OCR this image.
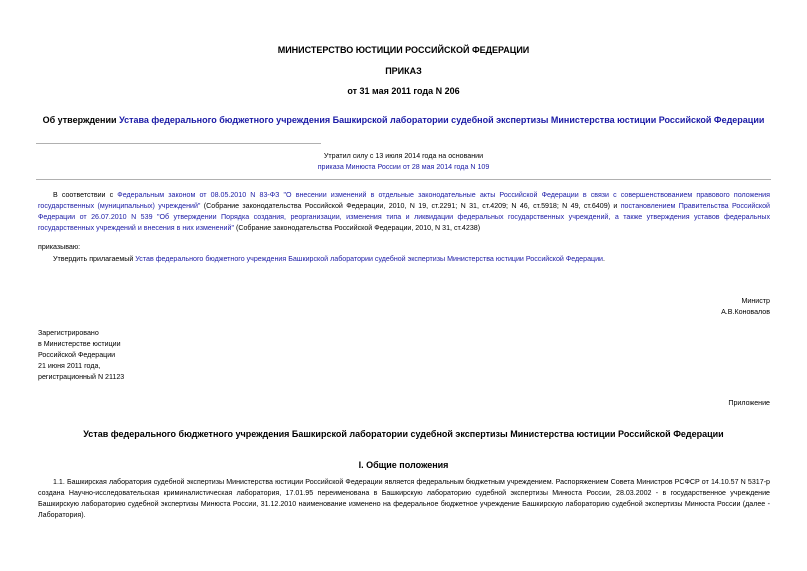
МИНИСТЕРСТВО ЮСТИЦИИ РОССИЙСКОЙ ФЕДЕРАЦИИ
ПРИКАЗ
от 31 мая 2011 года N 206
Об утверждении Устава федерального бюджетного учреждения Башкирской лаборатории судебной экспертизы Министерства юстиции Российской Федерации
Утратил силу с 13 июля 2014 года на основании
приказа Минюста России от 28 мая 2014 года N 109
В соответствии с Федеральным законом от 08.05.2010 N 83-ФЗ "О внесении изменений в отдельные законодательные акты Российской Федерации в связи с совершенствованием правового положения государственных (муниципальных) учреждений" (Собрание законодательства Российской Федерации, 2010, N 19, ст.2291; N 31, ст.4209; N 46, ст.5918; N 49, ст.6409) и постановлением Правительства Российской Федерации от 26.07.2010 N 539 "Об утверждении Порядка создания, реорганизации, изменения типа и ликвидации федеральных государственных учреждений, а также утверждения уставов федеральных государственных учреждений и внесения в них изменений" (Собрание законодательства Российской Федерации, 2010, N 31, ст.4238)
приказываю:
Утвердить прилагаемый Устав федерального бюджетного учреждения Башкирской лаборатории судебной экспертизы Министерства юстиции Российской Федерации.
Министр
А.В.Коновалов
Зарегистрировано
в Министерстве юстиции
Российской Федерации
21 июня 2011 года,
регистрационный N 21123
Приложение
Устав федерального бюджетного учреждения Башкирской лаборатории судебной экспертизы Министерства юстиции Российской Федерации
I. Общие положения
1.1. Башкирская лаборатория судебной экспертизы Министерства юстиции Российской Федерации является федеральным бюджетным учреждением. Распоряжением Совета Министров РСФСР от 14.10.57 N 5317-р создана Научно-исследовательская криминалистическая лаборатория, 17.01.95 переименована в Башкирскую лабораторию судебной экспертизы Минюста России, 28.03.2002 - в государственное учреждение Башкирскую лабораторию судебной экспертизы Минюста России, 31.12.2010 наименование изменено на федеральное бюджетное учреждение Башкирскую лабораторию судебной экспертизы Минюста России (далее - Лаборатория).
